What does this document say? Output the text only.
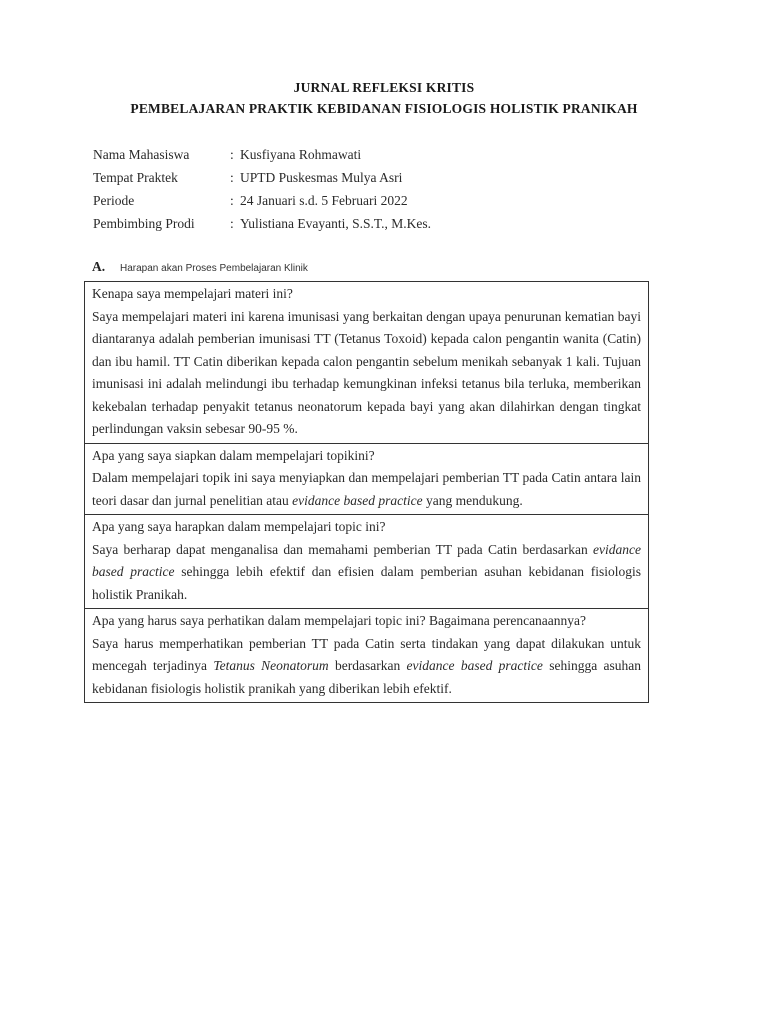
JURNAL REFLEKSI KRITIS
PEMBELAJARAN PRAKTIK KEBIDANAN FISIOLOGIS HOLISTIK PRANIKAH
Nama Mahasiswa	: Kusfiyana Rohmawati
Tempat Praktek	: UPTD Puskesmas Mulya Asri
Periode	: 24 Januari s.d. 5 Februari 2022
Pembimbing Prodi	: Yulistiana Evayanti, S.S.T., M.Kes.
A.	Harapan akan Proses Pembelajaran Klinik

Kenapa saya mempelajari materi ini?

Saya mempelajari materi ini karena imunisasi yang berkaitan dengan upaya penurunan kematian bayi diantaranya adalah pemberian imunisasi TT (Tetanus Toxoid) kepada calon pengantin wanita (Catin) dan ibu hamil. TT Catin diberikan kepada calon pengantin sebelum menikah sebanyak 1 kali. Tujuan imunisasi ini adalah melindungi ibu terhadap kemungkinan infeksi tetanus bila terluka, memberikan kekebalan terhadap penyakit tetanus neonatorum kepada bayi yang akan dilahirkan dengan tingkat perlindungan vaksin sebesar 90-95 %.

Apa yang saya siapkan dalam mempelajari topikini?

Dalam mempelajari topik ini saya menyiapkan dan mempelajari pemberian TT pada Catin antara lain teori dasar dan jurnal penelitian atau evidance based practice yang mendukung.

Apa yang saya harapkan dalam mempelajari topic ini?

Saya berharap dapat menganalisa dan memahami pemberian TT pada Catin berdasarkan evidance based practice sehingga lebih efektif dan efisien dalam pemberian asuhan kebidanan fisiologis holistik Pranikah.

Apa yang harus saya perhatikan dalam mempelajari topic ini? Bagaimana perencanaannya?

Saya harus memperhatikan pemberian TT pada Catin serta tindakan yang dapat dilakukan untuk mencegah terjadinya Tetanus Neonatorum berdasarkan evidance based practice sehingga asuhan kebidanan fisiologis holistik pranikah yang diberikan lebih efektif.
